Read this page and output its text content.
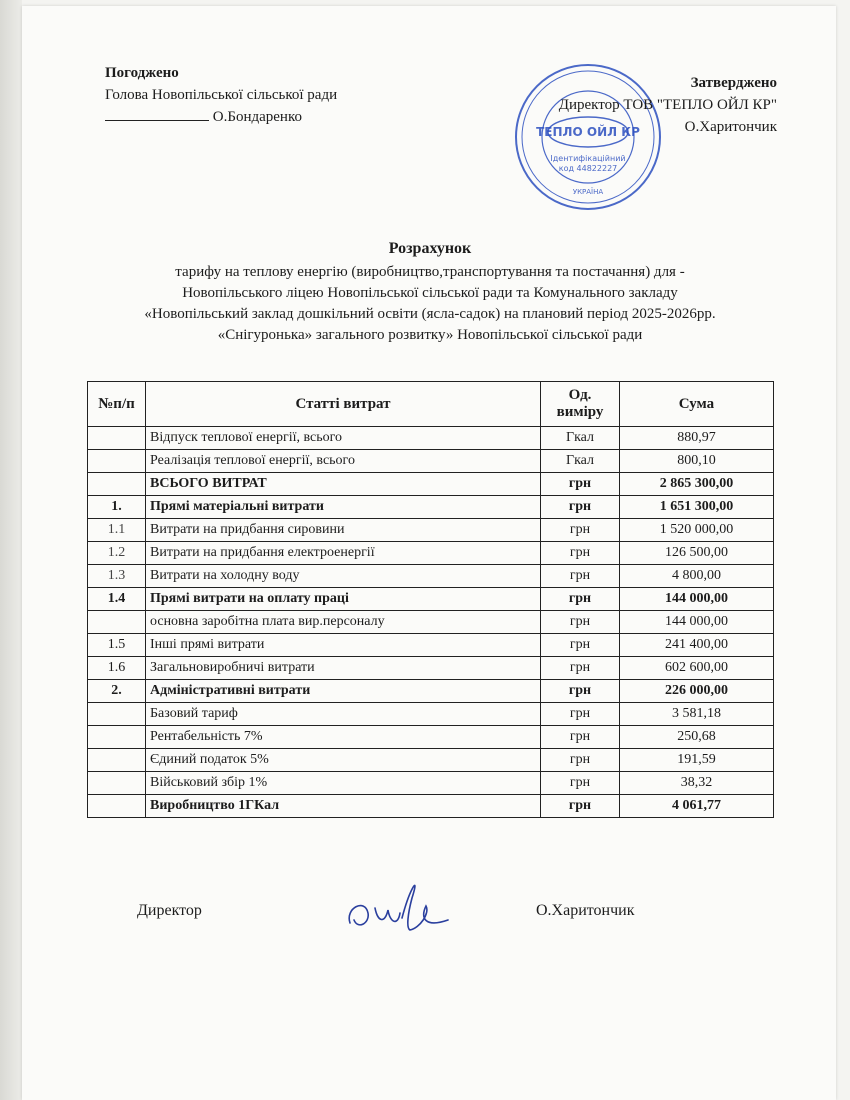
Погоджено
Голова Новопільської сільської ради
О.Бондаренко
ТЕПЛО ОЙЛ КР
Ідентифікаційний
код 44822227
УКРАЇНА
Затверджено
Директор ТОВ "ТЕПЛО ОЙЛ КР"
О.Харитончик
Розрахунок
тарифу на теплову енергію (виробництво,транспортування та постачання) для -
Новопільського ліцею Новопільської сільської ради та Комунального закладу
«Новопільський заклад дошкільний освіти (ясла-садок) на плановий період 2025-2026рр.
«Снігуронька» загального розвитку» Новопільської сільської ради
№п/п	Статті витрат	Од. виміру	Сума
	Відпуск теплової енергії, всього	Гкал	880,97
	Реалізація теплової енергії, всього	Гкал	800,10
	ВСЬОГО ВИТРАТ	грн	2 865 300,00
1.	Прямі матеріальні витрати	грн	1 651 300,00
1.1	Витрати на придбання сировини	грн	1 520 000,00
1.2	Витрати на придбання електроенергії	грн	126 500,00
1.3	Витрати на холодну воду	грн	4 800,00
1.4	Прямі витрати на оплату праці	грн	144 000,00
	основна заробітна плата вир.персоналу	грн	144 000,00
1.5	Інші прямі витрати	грн	241 400,00
1.6	Загальновиробничі витрати	грн	602 600,00
2.	Адміністративні витрати	грн	226 000,00
	Базовий тариф	грн	3 581,18
	Рентабельність 7%	грн	250,68
	Єдиний податок 5%	грн	191,59
	Військовий збір 1%	грн	38,32
	Виробництво 1ГКал	грн	4 061,77
Директор	О.Харитончик
